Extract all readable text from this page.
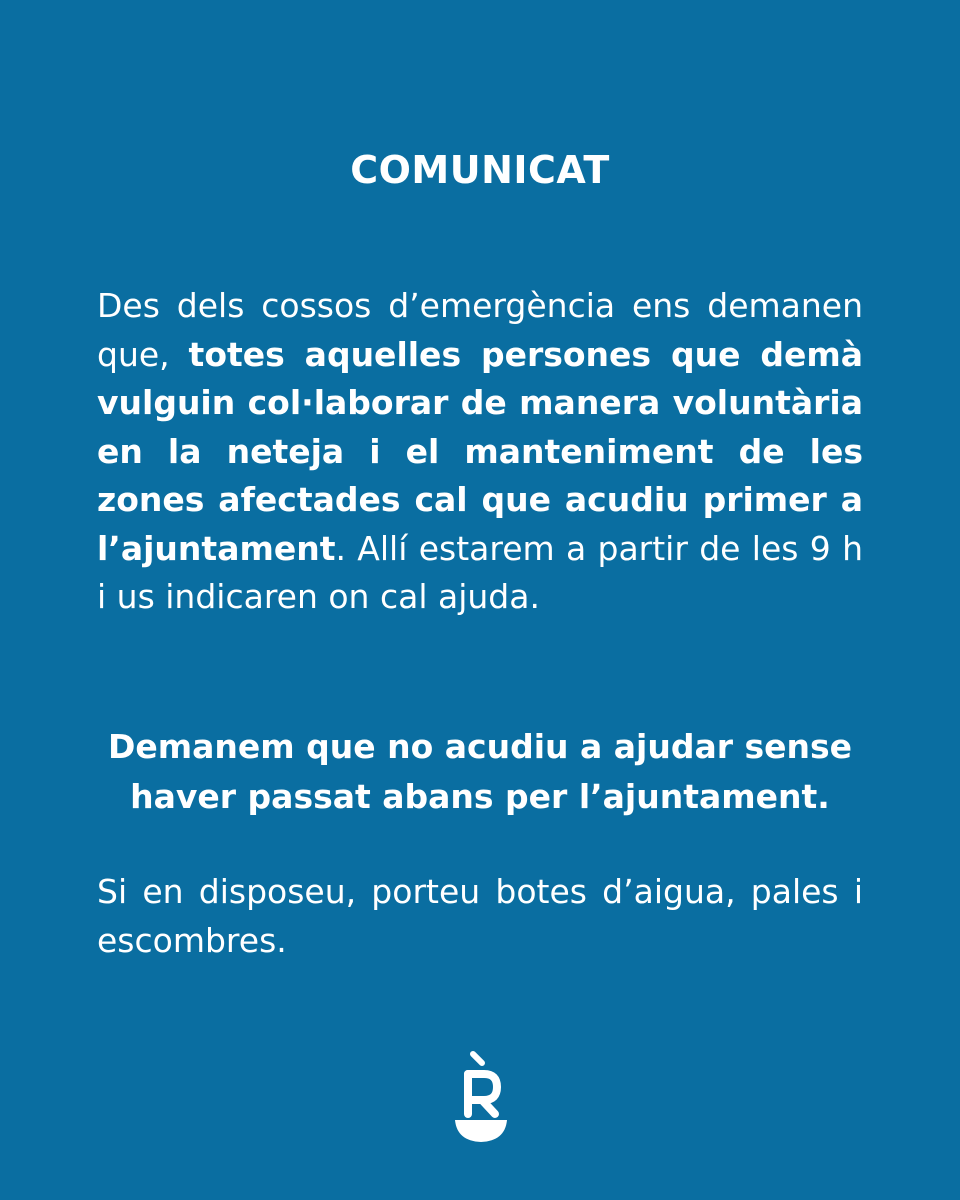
COMUNICAT

Des dels cossos d’emergència ens demanen que, totes aquelles persones que demà vulguin col·laborar de manera voluntària en la neteja i el manteniment de les zones afectades cal que acudiu primer a l’ajuntament. Allí estarem a partir de les 9 h i us indicaren on cal ajuda.

Demanem que no acudiu a ajudar sense haver passat abans per l’ajuntament.

Si en disposeu, porteu botes d’aigua, pales i escombres.
